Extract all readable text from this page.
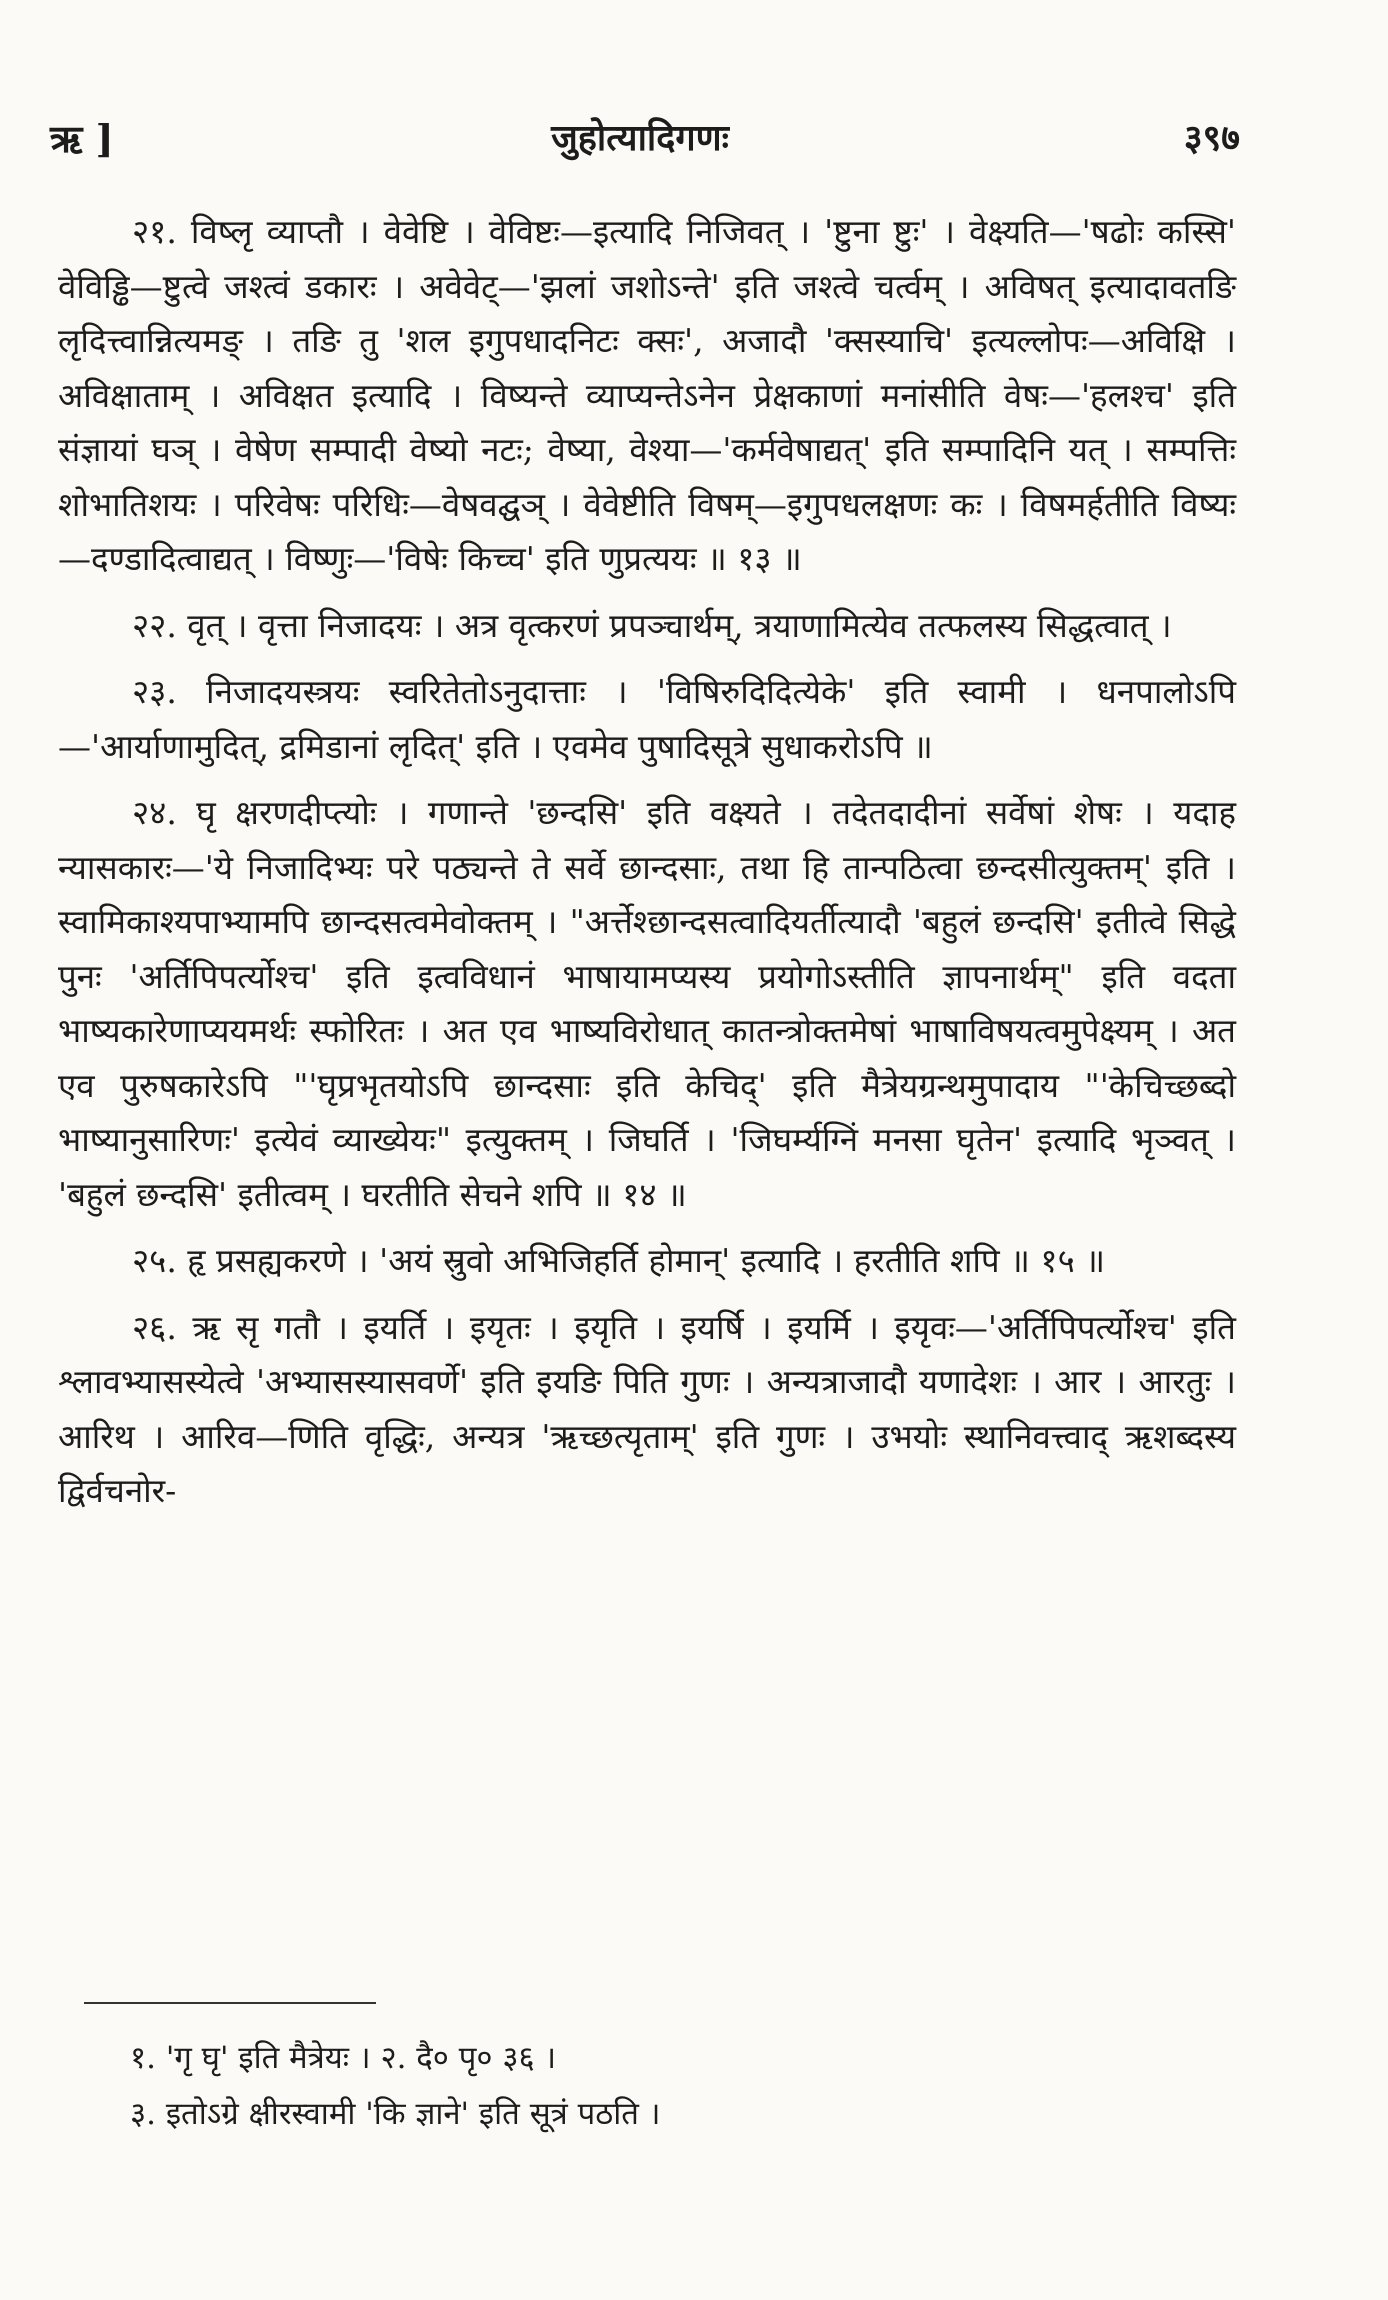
ऋ ]	जुहोत्यादिगणः	३९७

२१. विष्लृ व्याप्तौ । वेवेष्टि । वेविष्टः—इत्यादि निजिवत् । 'ष्टुना ष्टुः' । वेक्ष्यति—'षढोः कस्सि' वेविड्ढि—ष्टुत्वे जश्त्वं डकारः । अवेवेट्—'झलां जशोऽन्ते' इति जश्त्वे चर्त्वम् । अविषत् इत्यादावतङि लृदित्त्वान्नित्यमङ् । तङि तु 'शल इगुपधादनिटः क्सः', अजादौ 'क्सस्याचि' इत्यल्लोपः—अविक्षि । अविक्षाताम् । अविक्षत इत्यादि । विष्यन्ते व्याप्यन्तेऽनेन प्रेक्षकाणां मनांसीति वेषः—'हलश्च' इति संज्ञायां घञ् । वेषेण सम्पादी वेष्यो नटः; वेष्या, वेश्या—'कर्मवेषाद्यत्' इति सम्पादिनि यत् । सम्पत्तिः शोभातिशयः । परिवेषः परिधिः—वेषवद्घञ् । वेवेष्टीति विषम्—इगुपधलक्षणः कः । विषमर्हतीति विष्यः—दण्डादित्वाद्यत् । विष्णुः—'विषेः किच्च' इति णुप्रत्ययः ॥ १३ ॥

२२. वृत् । वृत्ता निजादयः । अत्र वृत्करणं प्रपञ्चार्थम्, त्रयाणामित्येव तत्फलस्य सिद्धत्वात् ।

२३. निजादयस्त्रयः स्वरितेतोऽनुदात्ताः । 'विषिरुदिदित्येके' इति स्वामी । धनपालोऽपि—'आर्याणामुदित्, द्रमिडानां लृदित्' इति । एवमेव पुषादिसूत्रे सुधाकरोऽपि ॥

२४. घृ क्षरणदीप्त्योः । गणान्ते 'छन्दसि' इति वक्ष्यते । तदेतदादीनां सर्वेषां शेषः । यदाह न्यासकारः—'ये निजादिभ्यः परे पठ्यन्ते ते सर्वे छान्दसाः, तथा हि तान्पठित्वा छन्दसीत्युक्तम्' इति । स्वामिकाश्यपाभ्यामपि छान्दसत्वमेवोक्तम् । "अर्त्तेश्छान्दसत्वादियर्तीत्यादौ 'बहुलं छन्दसि' इतीत्वे सिद्धे पुनः 'अर्तिपिपर्त्योश्च' इति इत्वविधानं भाषायामप्यस्य प्रयोगोऽस्तीति ज्ञापनार्थम्" इति वदता भाष्यकारेणाप्ययमर्थः स्फोरितः । अत एव भाष्यविरोधात् कातन्त्रोक्तमेषां भाषाविषयत्वमुपेक्ष्यम् । अत एव पुरुषकारेऽपि "'घृप्रभृतयोऽपि छान्दसाः इति केचिद्' इति मैत्रेयग्रन्थमुपादाय "'केचिच्छब्दो भाष्यानुसारिणः' इत्येवं व्याख्येयः" इत्युक्तम् । जिघर्ति । 'जिघर्म्यग्निं मनसा घृतेन' इत्यादि भृञ्वत् । 'बहुलं छन्दसि' इतीत्वम् । घरतीति सेचने शपि ॥ १४ ॥

२५. हृ प्रसह्यकरणे । 'अयं स्रुवो अभिजिहर्ति होमान्' इत्यादि । हरतीति शपि ॥ १५ ॥

२६. ऋ सृ गतौ । इयर्ति । इयृतः । इयृति । इयर्षि । इयर्मि । इयृवः—'अर्तिपिपर्त्योश्च' इति श्लावभ्यासस्येत्वे 'अभ्यासस्यासवर्णे' इति इयङि पिति गुणः । अन्यत्राजादौ यणादेशः । आर । आरतुः । आरिथ । आरिव—णिति वृद्धिः, अन्यत्र 'ऋच्छत्यृताम्' इति गुणः । उभयोः स्थानिवत्त्वाद् ऋशब्दस्य द्विर्वचनोर-

१. 'गृ घृ' इति मैत्रेयः । २. दै० पृ० ३६ ।

३. इतोऽग्रे क्षीरस्वामी 'कि ज्ञाने' इति सूत्रं पठति ।
